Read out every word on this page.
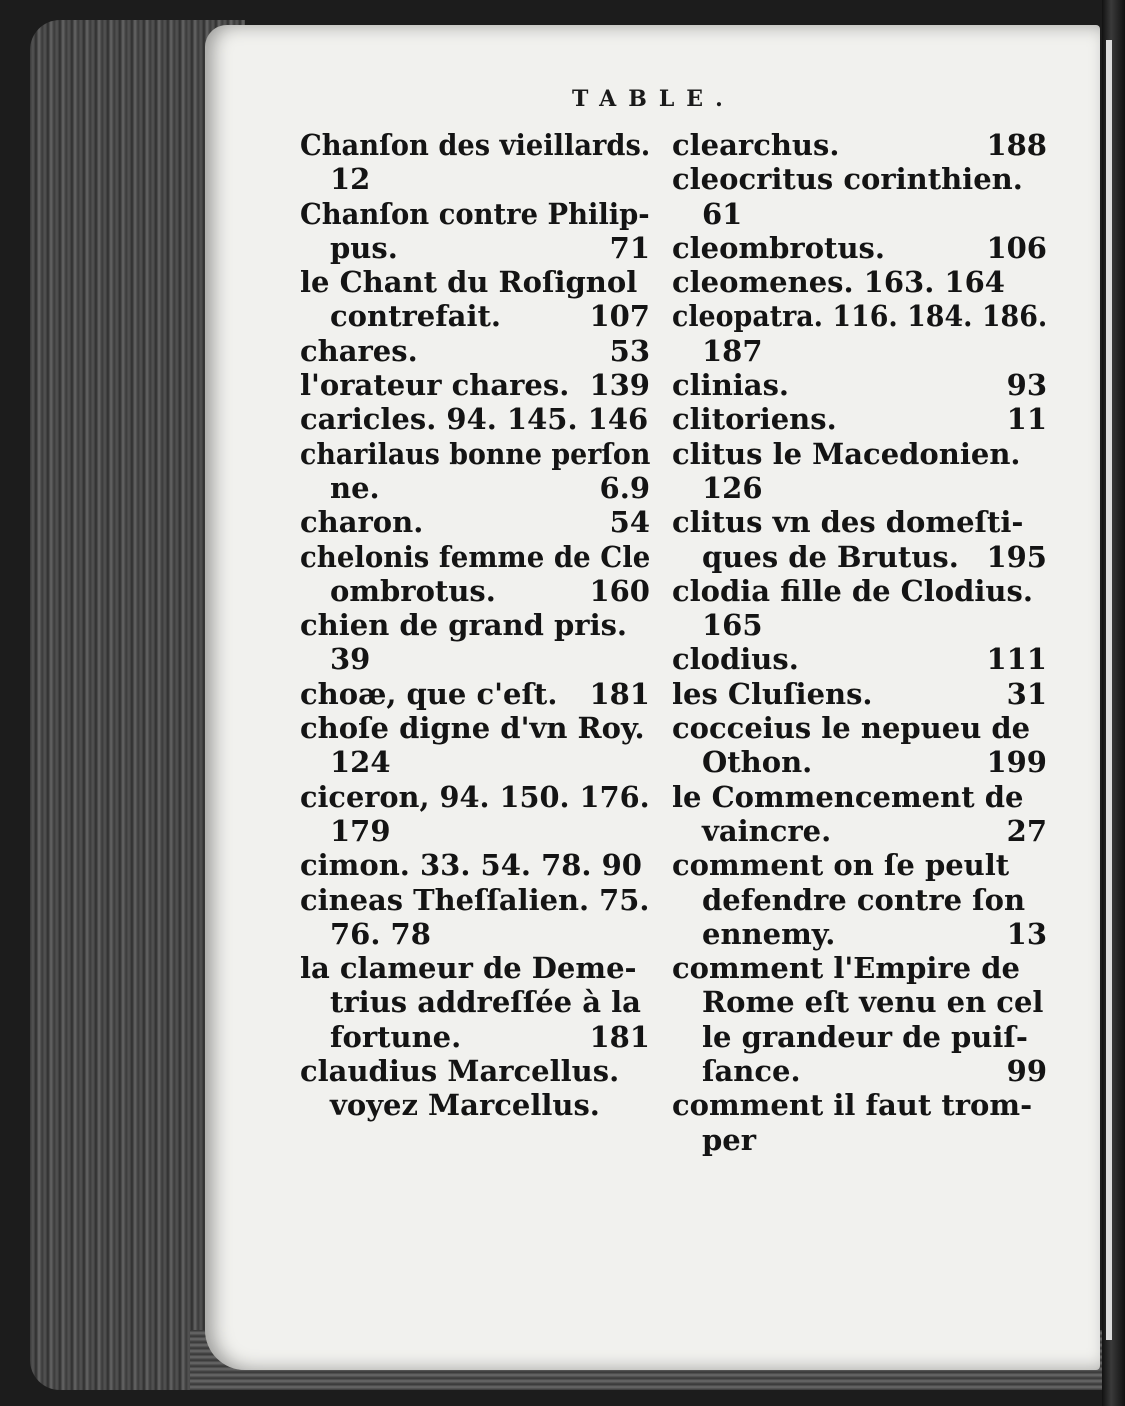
TABLE.
Chanſon des vieillards.
12
Chanſon contre Philip-
pus.	71
le Chant du Roſignol
contrefait.	107
chares.	53
l'orateur chares. 139
caricles. 94. 145. 146
charilaus bonne perſon
ne.	6.9
charon.	54
chelonis femme de Cle
ombrotus.	160
chien de grand pris.
39
choæ, que c'eſt. 181
choſe digne d'vn Roy.
124
ciceron, 94. 150. 176.
179
cimon. 33. 54. 78. 90
cineas Theſſalien. 75.
76. 78
la clameur de Deme-
trius addreſſée à la
fortune.	181
claudius Marcellus.
voyez Marcellus.
clearchus.	188
cleocritus corinthien.
61
cleombrotus.	106
cleomenes. 163. 164
cleopatra. 116. 184. 186.
187
clinias.	93
clitoriens.	11
clitus le Macedonien.
126
clitus vn des domeſti-
ques de Brutus. 195
clodia fille de Clodius.
165
clodius.	111
les Cluſiens.	31
cocceius le nepueu de
Othon.	199
le Commencement de
vaincre.	27
comment on ſe peult
defendre contre ſon
ennemy.	13
comment l'Empire de
Rome eſt venu en cel
le grandeur de puiſ-
ſance.	99
comment il faut trom-
per
